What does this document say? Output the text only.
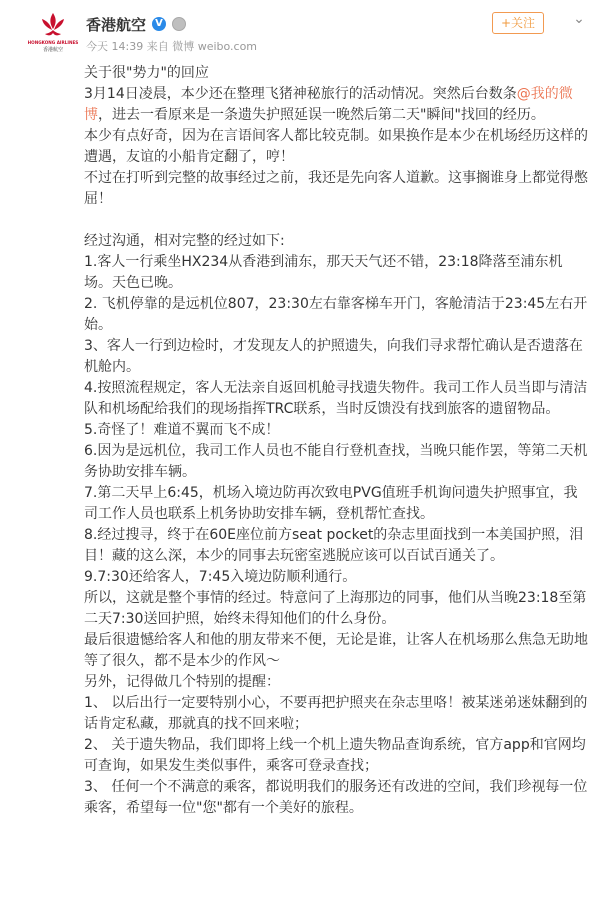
HONGKONG AIRLINES
香港航空
香港航空 V
今天 14:39 来自 微博 weibo.com
+关注	⌄

关于很"势力"的回应

3月14日凌晨，本少还在整理飞猪神秘旅行的活动情况。突然后台数条@我的微博，进去一看原来是一条遗失护照延误一晚然后第二天"瞬间"找回的经历。

本少有点好奇，因为在言语间客人都比较克制。如果换作是本少在机场经历这样的遭遇，友谊的小船肯定翻了，哼！

不过在打听到完整的故事经过之前，我还是先向客人道歉。这事搁谁身上都觉得憋屈！

经过沟通，相对完整的经过如下:

1.客人一行乘坐HX234从香港到浦东，那天天气还不错，23:18降落至浦东机场。天色已晚。

2. 飞机停靠的是远机位807，23:30左右靠客梯车开门，客舱清洁于23:45左右开始。

3、客人一行到边检时，才发现友人的护照遗失，向我们寻求帮忙确认是否遗落在机舱内。

4.按照流程规定，客人无法亲自返回机舱寻找遗失物件。我司工作人员当即与清洁队和机场配给我们的现场指挥TRC联系，当时反馈没有找到旅客的遗留物品。

5.奇怪了！难道不翼而飞不成！

6.因为是远机位，我司工作人员也不能自行登机查找，当晚只能作罢，等第二天机务协助安排车辆。

7.第二天早上6:45，机场入境边防再次致电PVG值班手机询问遗失护照事宜，我司工作人员也联系上机务协助安排车辆，登机帮忙查找。

8.经过搜寻，终于在60E座位前方seat pocket的杂志里面找到一本美国护照，泪目！藏的这么深，本少的同事去玩密室逃脱应该可以百试百通关了。

9.7:30还给客人，7:45入境边防顺利通行。

所以，这就是整个事情的经过。特意问了上海那边的同事，他们从当晚23:18至第二天7:30送回护照，始终未得知他们的什么身份。

最后很遗憾给客人和他的朋友带来不便，无论是谁，让客人在机场那么焦急无助地等了很久，都不是本少的作风～

另外，记得做几个特别的提醒：

1、 以后出行一定要特别小心，不要再把护照夹在杂志里咯！被某迷弟迷妹翻到的话肯定私藏，那就真的找不回来啦；

2、 关于遗失物品，我们即将上线一个机上遗失物品查询系统，官方app和官网均可查询，如果发生类似事件，乘客可登录查找；

3、 任何一个不满意的乘客，都说明我们的服务还有改进的空间，我们珍视每一位乘客，希望每一位"您"都有一个美好的旅程。
